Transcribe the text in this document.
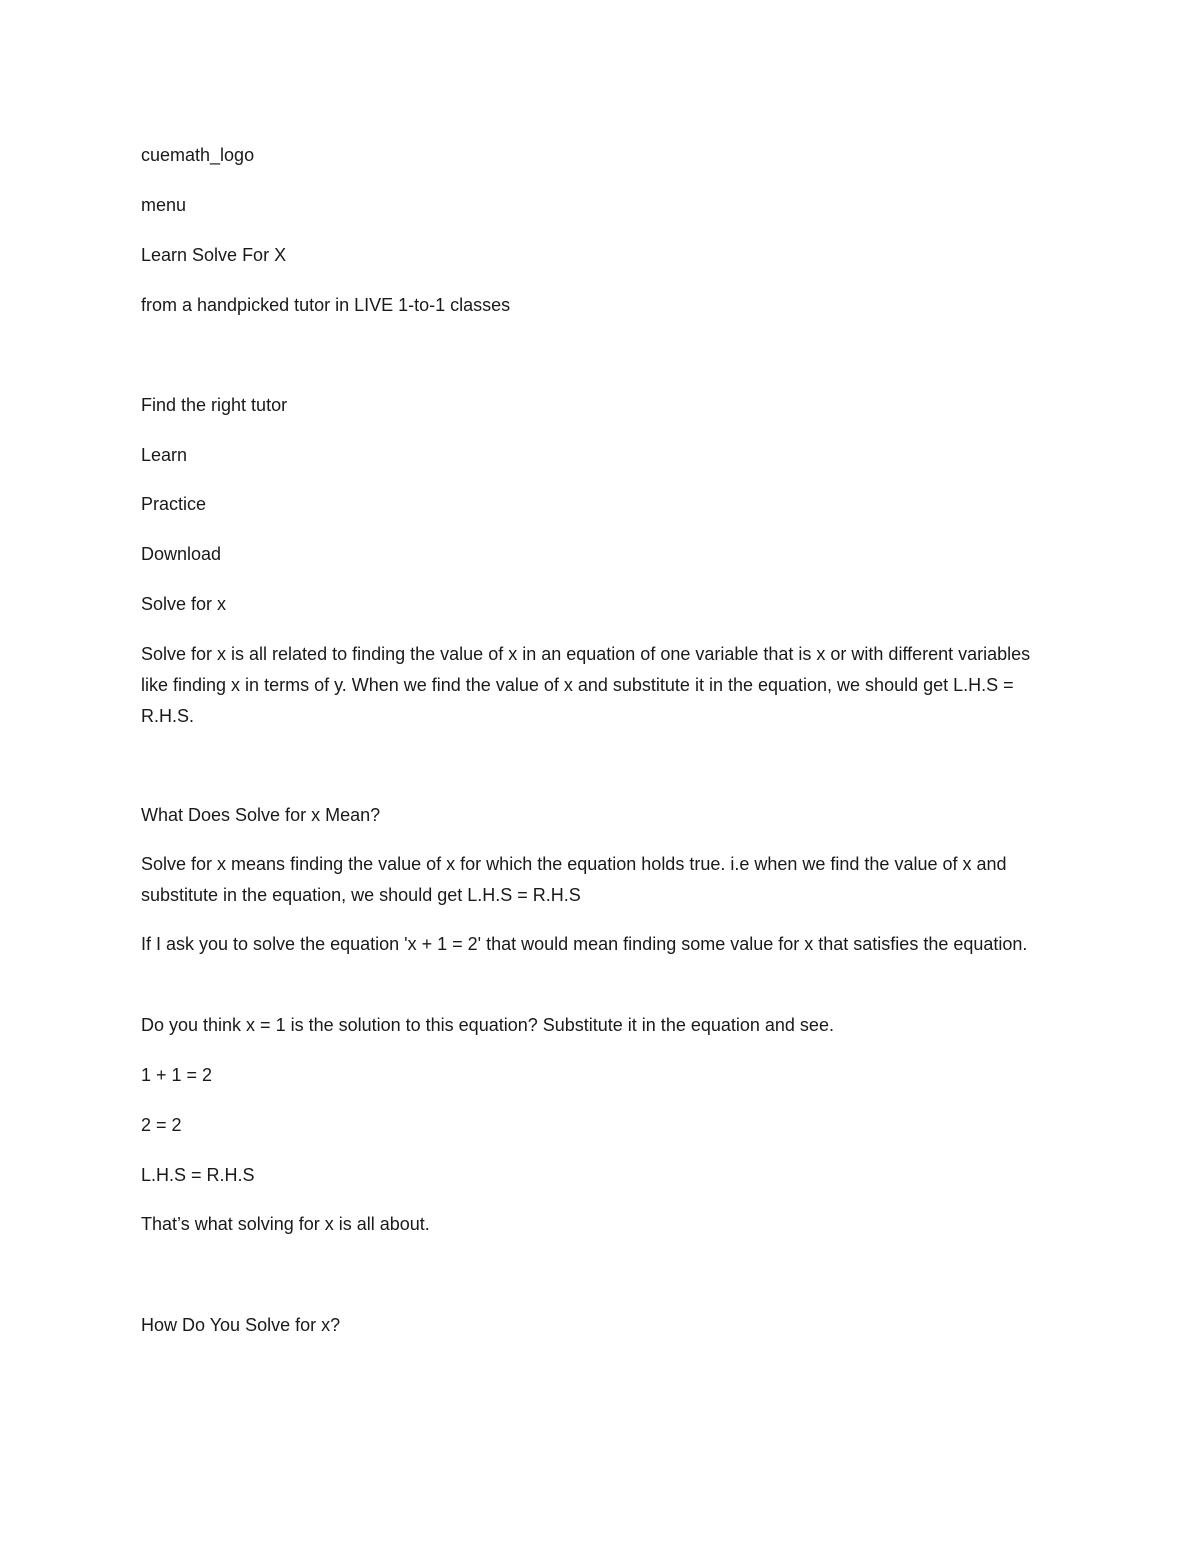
cuemath_logo
menu
Learn Solve For X
from a handpicked tutor in LIVE 1-to-1 classes
Find the right tutor
Learn
Practice
Download
Solve for x
Solve for x is all related to finding the value of x in an equation of one variable that is x or with different variables like finding x in terms of y. When we find the value of x and substitute it in the equation, we should get L.H.S = R.H.S.
What Does Solve for x Mean?
Solve for x means finding the value of x for which the equation holds true. i.e when we find the value of x and substitute in the equation, we should get L.H.S = R.H.S
If I ask you to solve the equation 'x + 1 = 2' that would mean finding some value for x that satisfies the equation.
Do you think x = 1 is the solution to this equation? Substitute it in the equation and see.
1 + 1 = 2
2 = 2
L.H.S = R.H.S
That’s what solving for x is all about.
How Do You Solve for x?
